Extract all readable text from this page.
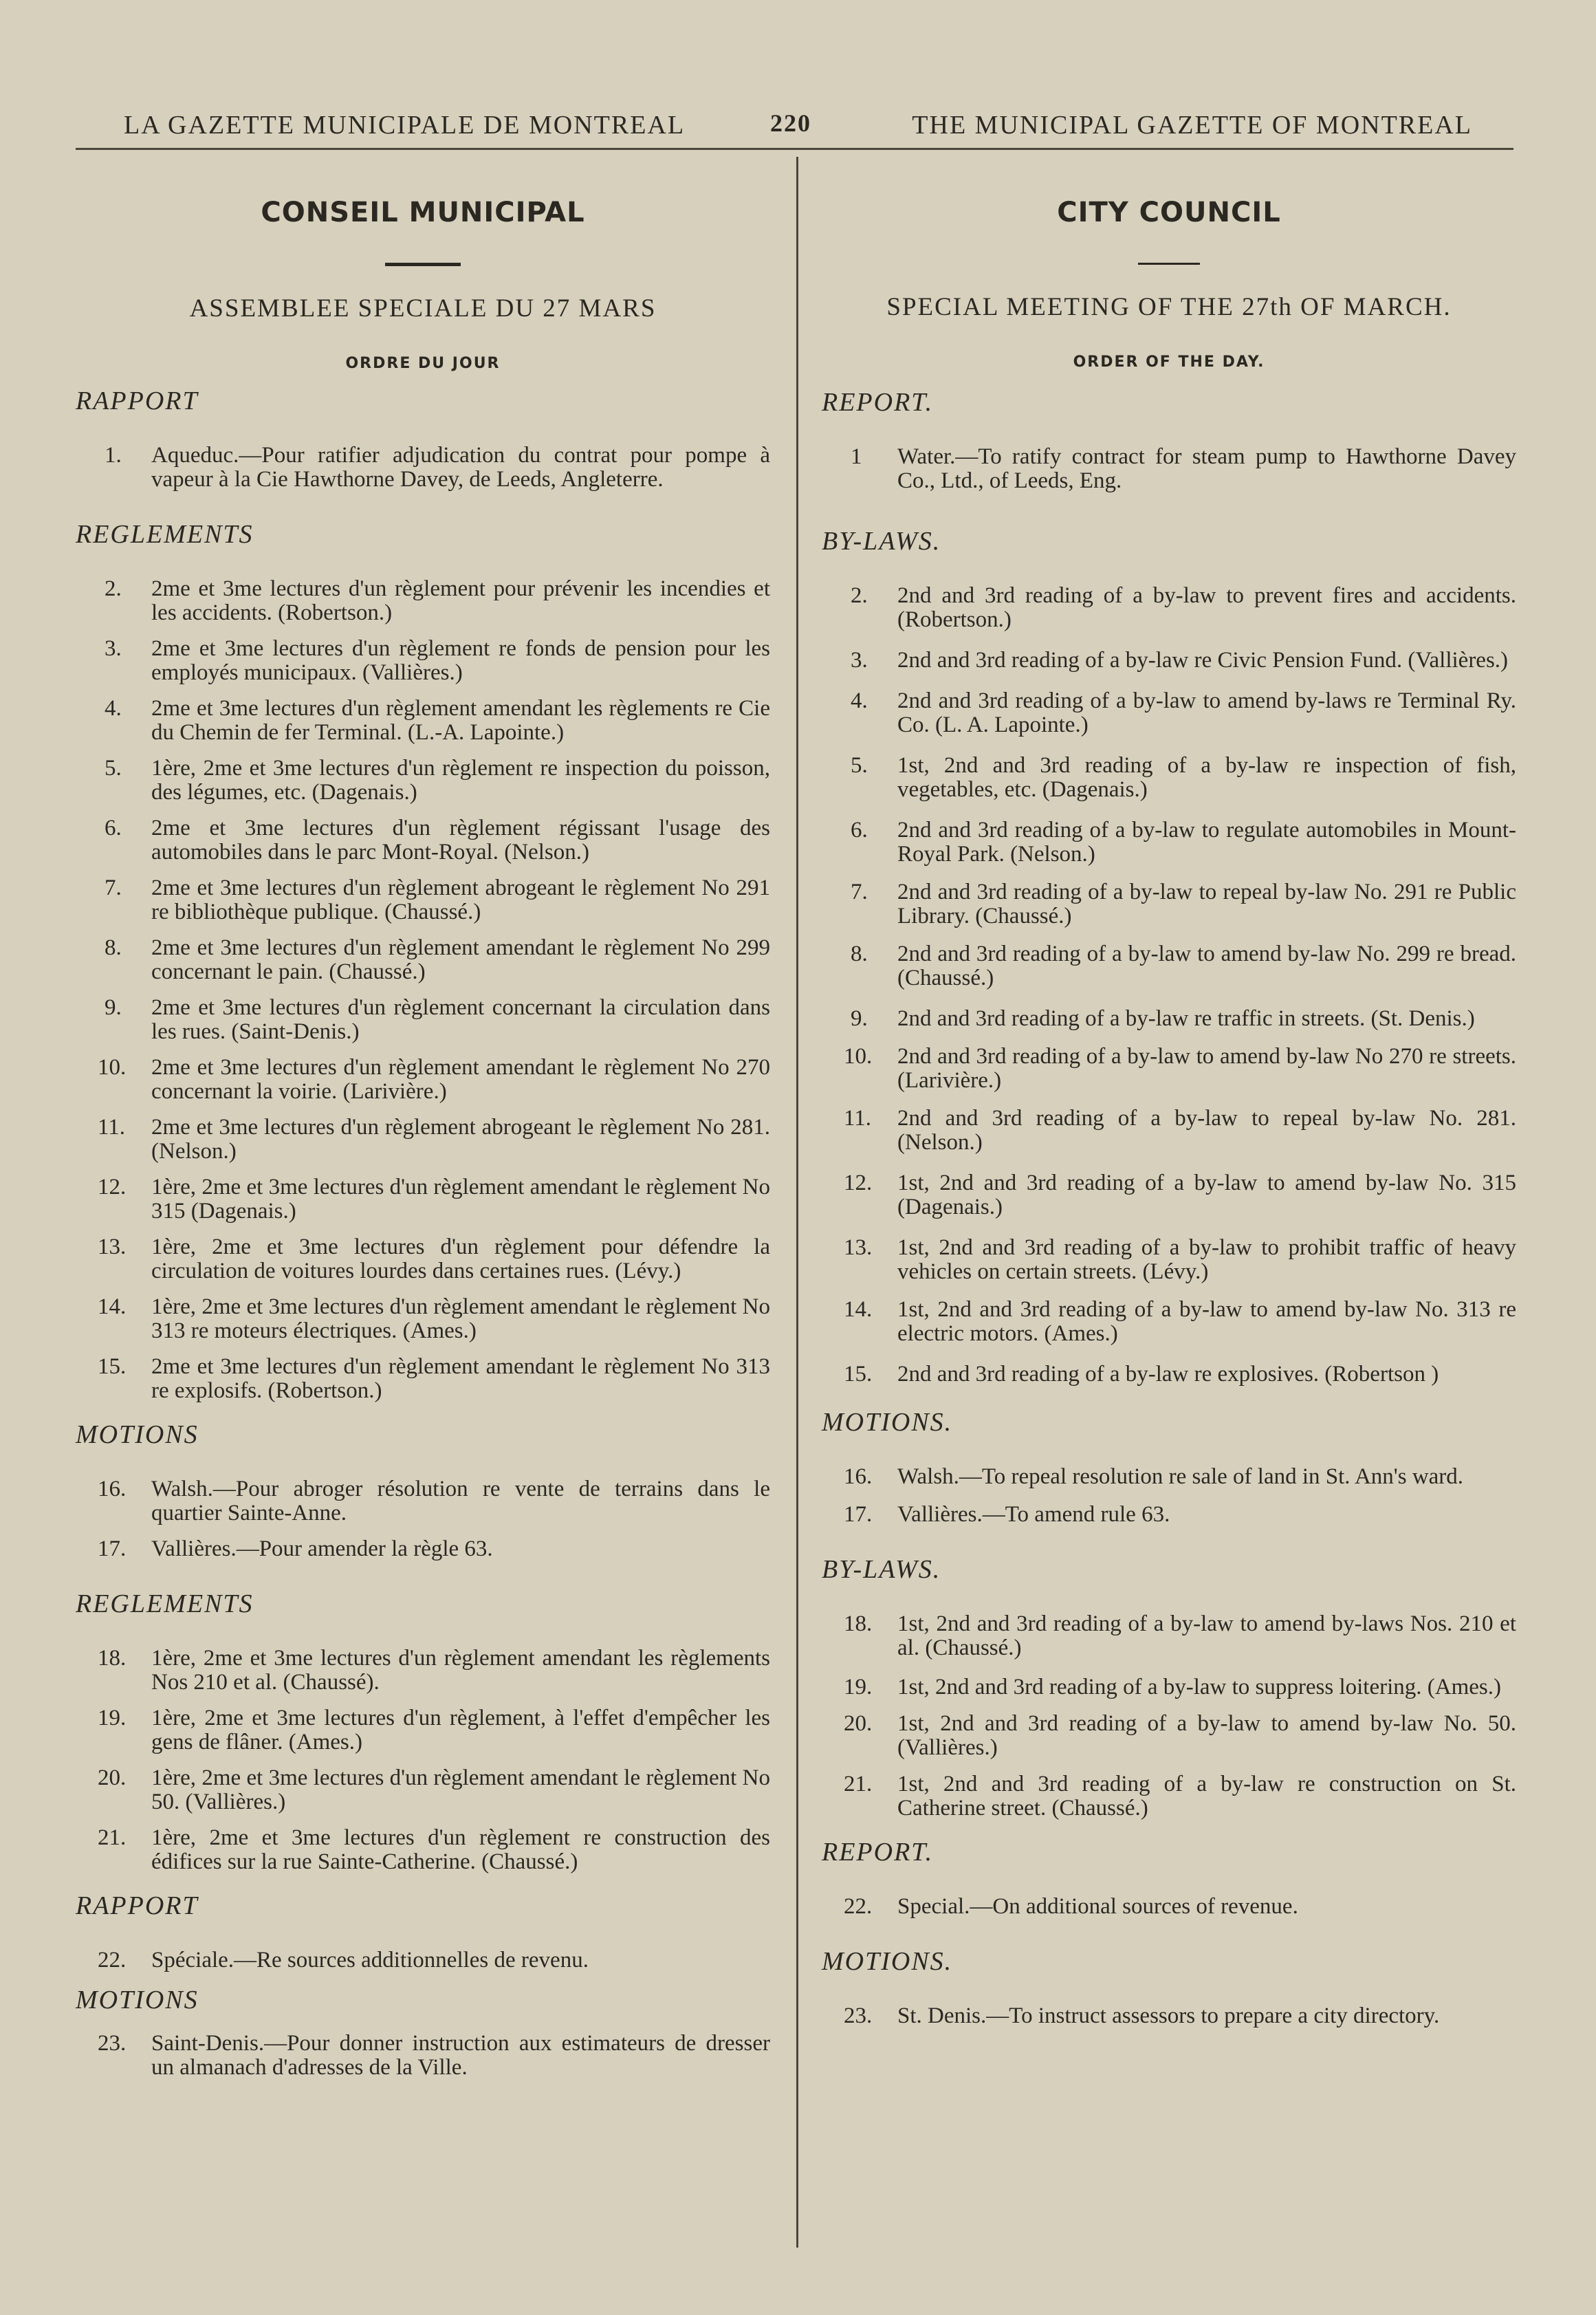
LA GAZETTE MUNICIPALE DE MONTREAL	220	THE MUNICIPAL GAZETTE OF MONTREAL
CONSEIL MUNICIPAL
ASSEMBLEE SPECIALE DU 27 MARS
ORDRE DU JOUR
RAPPORT
1.	Aqueduc.—Pour ratifier adjudication du contrat pour pompe à vapeur à la Cie Hawthorne Davey, de Leeds, Angleterre.
REGLEMENTS
2.	2me et 3me lectures d'un règlement pour prévenir les incendies et les accidents. (Robertson.)
3.	2me et 3me lectures d'un règlement re fonds de pension pour les employés municipaux. (Vallières.)
4.	2me et 3me lectures d'un règlement amendant les règlements re Cie du Chemin de fer Terminal. (L.-A. Lapointe.)
5.	1ère, 2me et 3me lectures d'un règlement re inspection du poisson, des légumes, etc. (Dagenais.)
6.	2me et 3me lectures d'un règlement régissant l'usage des automobiles dans le parc Mont-Royal. (Nelson.)
7.	2me et 3me lectures d'un règlement abrogeant le règlement No 291 re bibliothèque publique. (Chaussé.)
8.	2me et 3me lectures d'un règlement amendant le règlement No 299 concernant le pain. (Chaussé.)
9.	2me et 3me lectures d'un règlement concernant la circulation dans les rues. (Saint-Denis.)
10.	2me et 3me lectures d'un règlement amendant le règlement No 270 concernant la voirie. (Larivière.)
11.	2me et 3me lectures d'un règlement abrogeant le règlement No 281. (Nelson.)
12.	1ère, 2me et 3me lectures d'un règlement amendant le règlement No 315 (Dagenais.)
13.	1ère, 2me et 3me lectures d'un règlement pour défendre la circulation de voitures lourdes dans certaines rues. (Lévy.)
14.	1ère, 2me et 3me lectures d'un règlement amendant le règlement No 313 re moteurs électriques. (Ames.)
15.	2me et 3me lectures d'un règlement amendant le règlement No 313 re explosifs. (Robertson.)
MOTIONS
16.	Walsh.—Pour abroger résolution re vente de terrains dans le quartier Sainte-Anne.
17.	Vallières.—Pour amender la règle 63.
REGLEMENTS
18.	1ère, 2me et 3me lectures d'un règlement amendant les règlements Nos 210 et al. (Chaussé).
19.	1ère, 2me et 3me lectures d'un règlement, à l'effet d'empêcher les gens de flâner. (Ames.)
20.	1ère, 2me et 3me lectures d'un règlement amendant le règlement No 50. (Vallières.)
21.	1ère, 2me et 3me lectures d'un règlement re construction des édifices sur la rue Sainte-Catherine. (Chaussé.)
RAPPORT
22.	Spéciale.—Re sources additionnelles de revenu.
MOTIONS
23.	Saint-Denis.—Pour donner instruction aux estimateurs de dresser un almanach d'adresses de la Ville.
CITY COUNCIL
SPECIAL MEETING OF THE 27th OF MARCH.
ORDER OF THE DAY.
REPORT.
1	Water.—To ratify contract for steam pump to Hawthorne Davey Co., Ltd., of Leeds, Eng.
BY-LAWS.
2.	2nd and 3rd reading of a by-law to prevent fires and accidents. (Robertson.)
3.	2nd and 3rd reading of a by-law re Civic Pension Fund. (Vallières.)
4.	2nd and 3rd reading of a by-law to amend by-laws re Terminal Ry. Co. (L. A. Lapointe.)
5.	1st, 2nd and 3rd reading of a by-law re inspection of fish, vegetables, etc. (Dagenais.)
6.	2nd and 3rd reading of a by-law to regulate automobiles in Mount-Royal Park. (Nelson.)
7.	2nd and 3rd reading of a by-law to repeal by-law No. 291 re Public Library. (Chaussé.)
8.	2nd and 3rd reading of a by-law to amend by-law No. 299 re bread. (Chaussé.)
9.	2nd and 3rd reading of a by-law re traffic in streets. (St. Denis.)
10.	2nd and 3rd reading of a by-law to amend by-law No 270 re streets. (Larivière.)
11.	2nd and 3rd reading of a by-law to repeal by-law No. 281. (Nelson.)
12.	1st, 2nd and 3rd reading of a by-law to amend by-law No. 315 (Dagenais.)
13.	1st, 2nd and 3rd reading of a by-law to prohibit traffic of heavy vehicles on certain streets. (Lévy.)
14.	1st, 2nd and 3rd reading of a by-law to amend by-law No. 313 re electric motors. (Ames.)
15.	2nd and 3rd reading of a by-law re explosives. (Robertson )
MOTIONS.
16.	Walsh.—To repeal resolution re sale of land in St. Ann's ward.
17.	Vallières.—To amend rule 63.
BY-LAWS.
18.	1st, 2nd and 3rd reading of a by-law to amend by-laws Nos. 210 et al. (Chaussé.)
19.	1st, 2nd and 3rd reading of a by-law to suppress loitering. (Ames.)
20.	1st, 2nd and 3rd reading of a by-law to amend by-law No. 50. (Vallières.)
21.	1st, 2nd and 3rd reading of a by-law re construction on St. Catherine street. (Chaussé.)
REPORT.
22.	Special.—On additional sources of revenue.
MOTIONS.
23.	St. Denis.—To instruct assessors to prepare a city directory.
